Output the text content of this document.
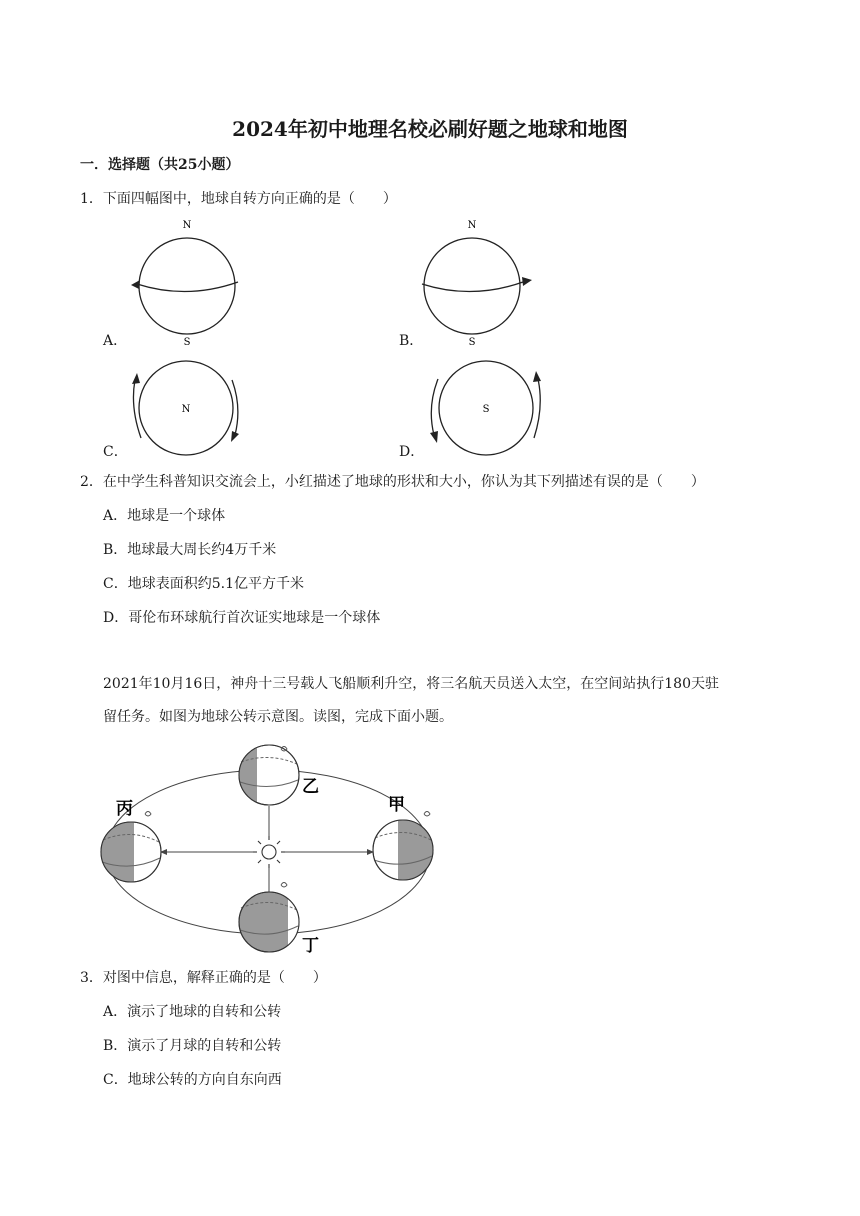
2024年初中地理名校必刷好题之地球和地图
一．选择题（共25小题）
1．下面四幅图中，地球自转方向正确的是（　　）
N
S
A．
N
S
B．
N
C．
S
D．
2．在中学生科普知识交流会上，小红描述了地球的形状和大小，你认为其下列描述有误的是（　　）
A．地球是一个球体
B．地球最大周长约4万千米
C．地球表面积约5.1亿平方千米
D．哥伦布环球航行首次证实地球是一个球体
2021年10月16日，神舟十三号载人飞船顺利升空，将三名航天员送入太空，在空间站执行180天驻
留任务。如图为地球公转示意图。读图，完成下面小题。
乙
甲
丙
丁
3．对图中信息，解释正确的是（　　）
A．演示了地球的自转和公转
B．演示了月球的自转和公转
C．地球公转的方向自东向西
